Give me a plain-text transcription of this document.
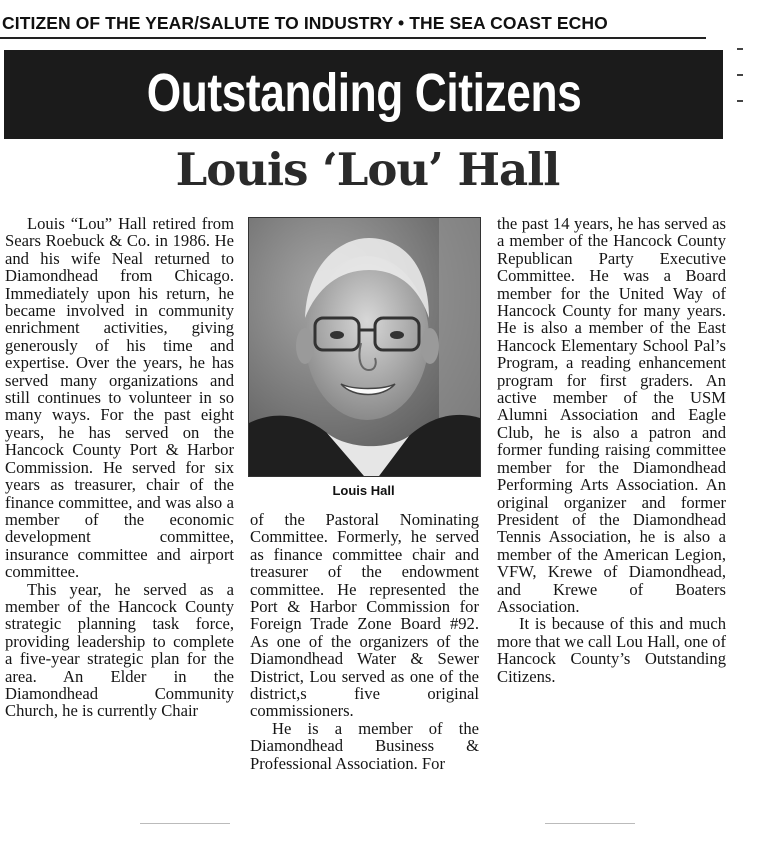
CITIZEN OF THE YEAR/SALUTE TO INDUSTRY • THE SEA COAST ECHO
Outstanding Citizens
Louis ‘Lou’ Hall

Louis “Lou” Hall retired from Sears Roebuck & Co. in 1986. He and his wife Neal returned to Diamondhead from Chicago. Immediately upon his return, he became involved in community enrichment activities, giving generously of his time and expertise. Over the years, he has served many organizations and still continues to volunteer in so many ways. For the past eight years, he has served on the Hancock County Port & Harbor Commission. He served for six years as treasurer, chair of the finance committee, and was also a member of the economic development committee, insurance committee and airport committee.

This year, he served as a member of the Hancock County strategic planning task force, providing leadership to complete a five-year strategic plan for the area. An Elder in the Diamondhead Community Church, he is currently Chair

Louis Hall

of the Pastoral Nominating Committee. Formerly, he served as finance committee chair and treasurer of the endowment committee. He represented the Port & Harbor Commission for Foreign Trade Zone Board #92. As one of the organizers of the Diamondhead Water & Sewer District, Lou served as one of the district,s five original commissioners.

He is a member of the Diamondhead Business & Professional Association. For

the past 14 years, he has served as a member of the Hancock County Republican Party Executive Committee. He was a Board member for the United Way of Hancock County for many years. He is also a member of the East Hancock Elementary School Pal’s Program, a reading enhancement program for first graders. An active member of the USM Alumni Association and Eagle Club, he is also a patron and former funding raising committee member for the Diamondhead Performing Arts Association. An original organizer and former President of the Diamondhead Tennis Association, he is also a member of the American Legion, VFW, Krewe of Diamondhead, and Krewe of Boaters Association.

It is because of this and much more that we call Lou Hall, one of Hancock County’s Outstanding Citizens.
